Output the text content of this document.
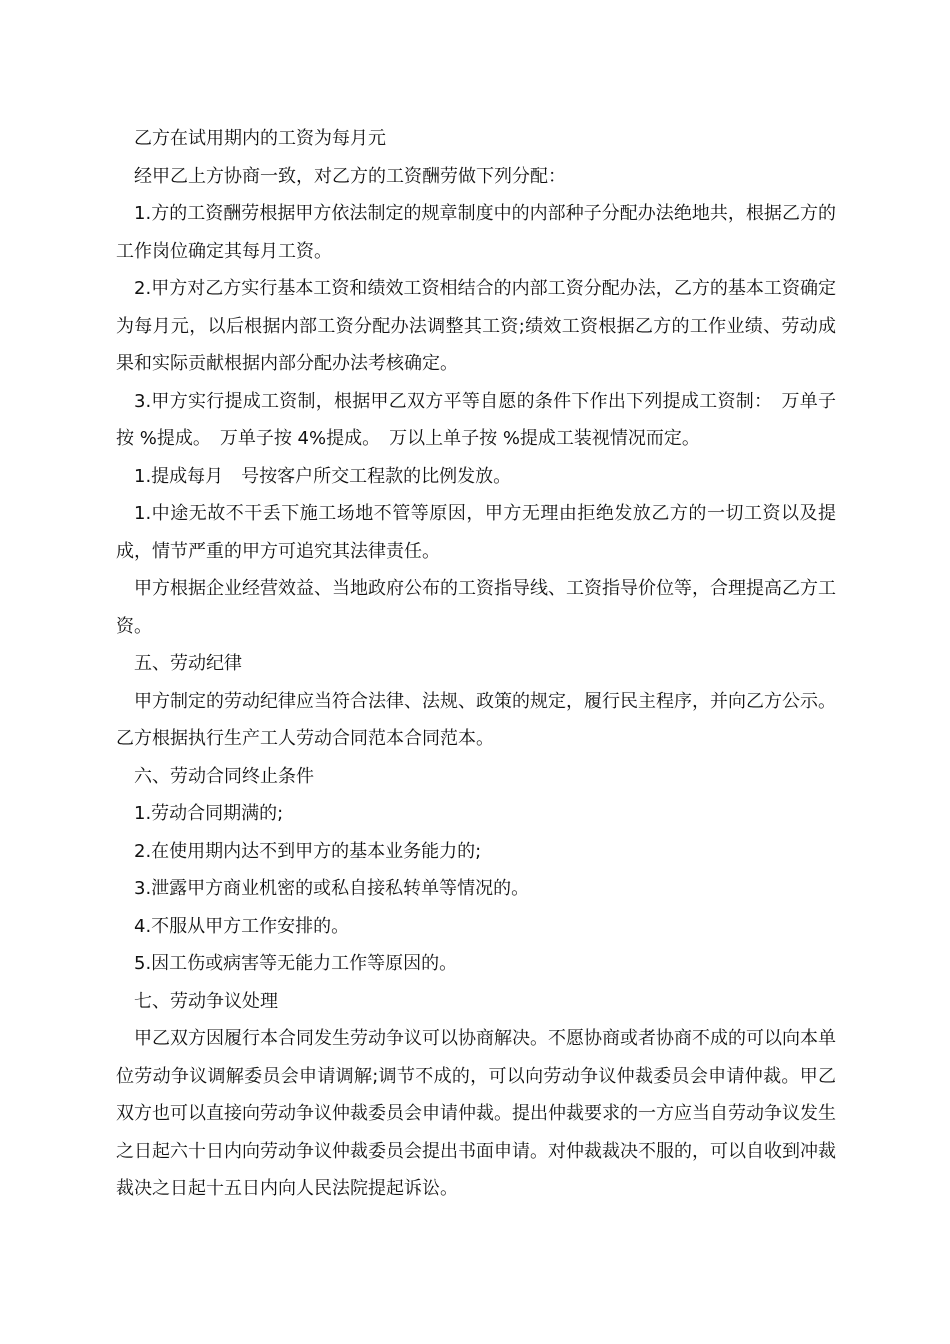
乙方在试用期内的工资为每月元

经甲乙上方协商一致，对乙方的工资酬劳做下列分配：

1.方的工资酬劳根据甲方依法制定的规章制度中的内部种子分配办法绝地共，根据乙方的工作岗位确定其每月工资。

2.甲方对乙方实行基本工资和绩效工资相结合的内部工资分配办法，乙方的基本工资确定为每月元，以后根据内部工资分配办法调整其工资;绩效工资根据乙方的工作业绩、劳动成果和实际贡献根据内部分配办法考核确定。

3.甲方实行提成工资制，根据甲乙双方平等自愿的条件下作出下列提成工资制：　万单子按 %提成。　万单子按 4%提成。　万以上单子按 %提成工装视情况而定。

1.提成每月　号按客户所交工程款的比例发放。

1.中途无故不干丢下施工场地不管等原因，甲方无理由拒绝发放乙方的一切工资以及提成，情节严重的甲方可追究其法律责任。

甲方根据企业经营效益、当地政府公布的工资指导线、工资指导价位等，合理提高乙方工资。

五、劳动纪律

甲方制定的劳动纪律应当符合法律、法规、政策的规定，履行民主程序，并向乙方公示。乙方根据执行生产工人劳动合同范本合同范本。

六、劳动合同终止条件

1.劳动合同期满的;

2.在使用期内达不到甲方的基本业务能力的;

3.泄露甲方商业机密的或私自接私转单等情况的。

4.不服从甲方工作安排的。

5.因工伤或病害等无能力工作等原因的。

七、劳动争议处理

甲乙双方因履行本合同发生劳动争议可以协商解决。不愿协商或者协商不成的可以向本单位劳动争议调解委员会申请调解;调节不成的，可以向劳动争议仲裁委员会申请仲裁。甲乙双方也可以直接向劳动争议仲裁委员会申请仲裁。提出仲裁要求的一方应当自劳动争议发生之日起六十日内向劳动争议仲裁委员会提出书面申请。对仲裁裁决不服的，可以自收到冲裁裁决之日起十五日内向人民法院提起诉讼。
